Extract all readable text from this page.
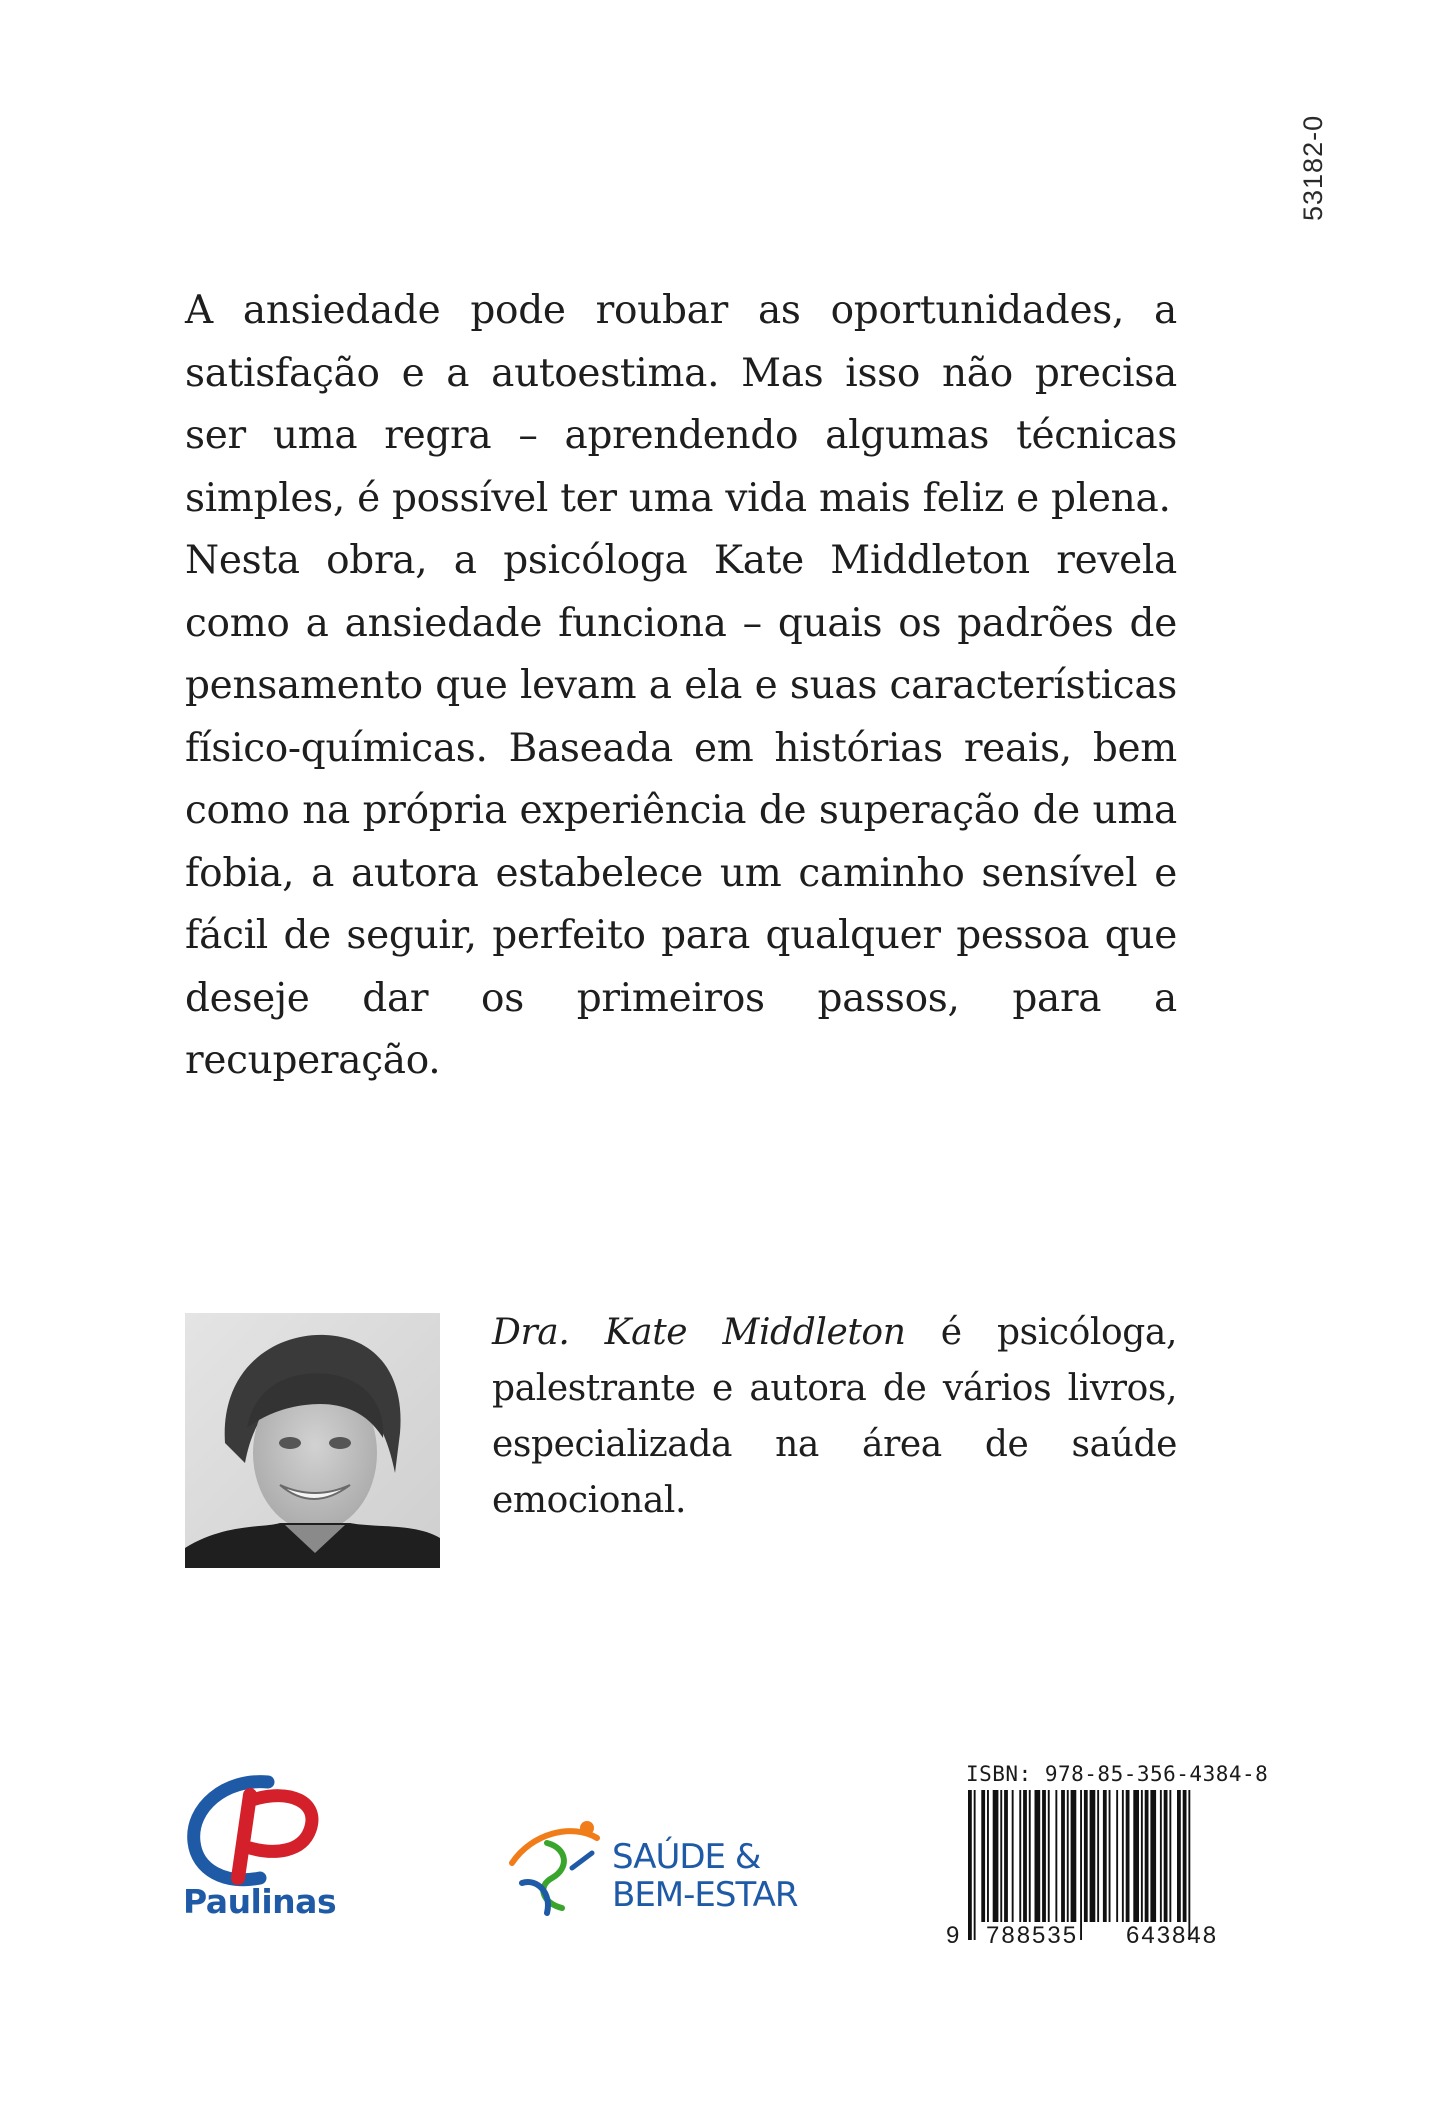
53182-0

A ansiedade pode roubar as oportunidades, a satisfação e a autoestima. Mas isso não precisa ser uma regra – aprendendo algumas técnicas simples, é possível ter uma vida mais feliz e plena.

Nesta obra, a psicóloga Kate Middleton revela como a ansiedade funciona – quais os padrões de pensamento que levam a ela e suas características físico-químicas. Baseada em histórias reais, bem como na própria experiência de superação de uma fobia, a autora estabelece um caminho sensível e fácil de seguir, perfeito para qualquer pessoa que deseje dar os primeiros passos, para a recuperação.

Dra. Kate Middleton é psicóloga, palestrante e autora de vários livros, especializada na área de saúde emocional.
Paulinas
SAÚDE &
BEM-ESTAR
ISBN: 978-85-356-4384-8
9 788535 643848
